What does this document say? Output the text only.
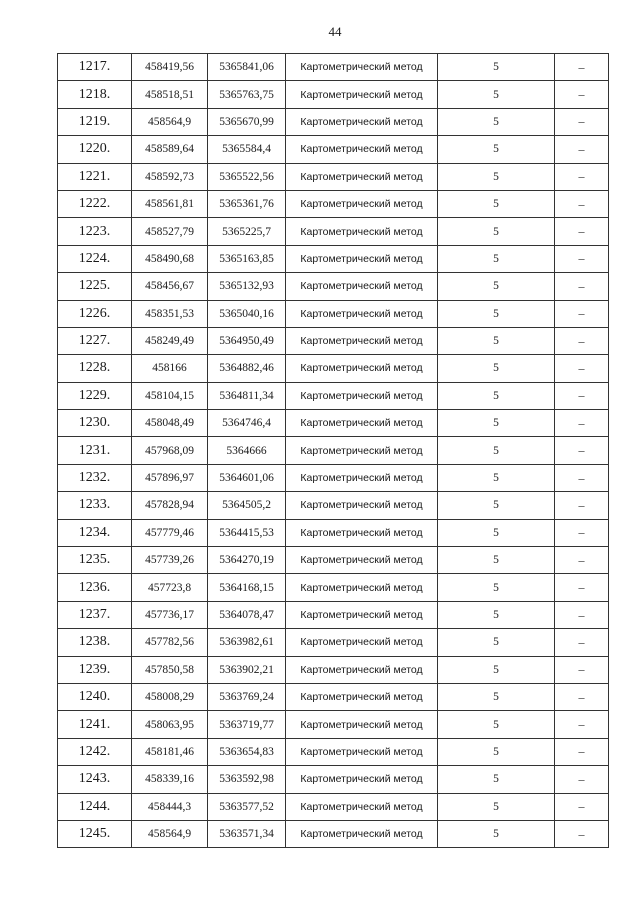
44
1217.	458419,56	5365841,06	Картометрический метод	5	–
1218.	458518,51	5365763,75	Картометрический метод	5	–
1219.	458564,9	5365670,99	Картометрический метод	5	–
1220.	458589,64	5365584,4	Картометрический метод	5	–
1221.	458592,73	5365522,56	Картометрический метод	5	–
1222.	458561,81	5365361,76	Картометрический метод	5	–
1223.	458527,79	5365225,7	Картометрический метод	5	–
1224.	458490,68	5365163,85	Картометрический метод	5	–
1225.	458456,67	5365132,93	Картометрический метод	5	–
1226.	458351,53	5365040,16	Картометрический метод	5	–
1227.	458249,49	5364950,49	Картометрический метод	5	–
1228.	458166	5364882,46	Картометрический метод	5	–
1229.	458104,15	5364811,34	Картометрический метод	5	–
1230.	458048,49	5364746,4	Картометрический метод	5	–
1231.	457968,09	5364666	Картометрический метод	5	–
1232.	457896,97	5364601,06	Картометрический метод	5	–
1233.	457828,94	5364505,2	Картометрический метод	5	–
1234.	457779,46	5364415,53	Картометрический метод	5	–
1235.	457739,26	5364270,19	Картометрический метод	5	–
1236.	457723,8	5364168,15	Картометрический метод	5	–
1237.	457736,17	5364078,47	Картометрический метод	5	–
1238.	457782,56	5363982,61	Картометрический метод	5	–
1239.	457850,58	5363902,21	Картометрический метод	5	–
1240.	458008,29	5363769,24	Картометрический метод	5	–
1241.	458063,95	5363719,77	Картометрический метод	5	–
1242.	458181,46	5363654,83	Картометрический метод	5	–
1243.	458339,16	5363592,98	Картометрический метод	5	–
1244.	458444,3	5363577,52	Картометрический метод	5	–
1245.	458564,9	5363571,34	Картометрический метод	5	–
